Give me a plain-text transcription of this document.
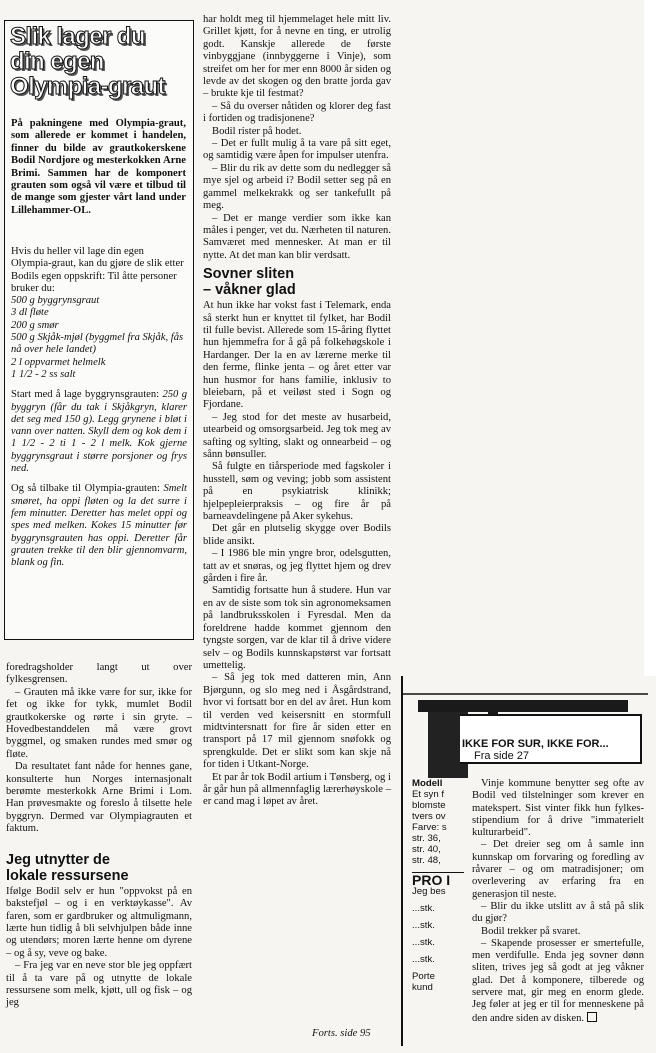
Slik lager du
din egen
Olympia-graut
På pakningene med Olympia-graut, som allerede er kommet i handelen, finner du bilde av grautkokerskene Bodil Nordjore og mesterkokken Arne Brimi. Sammen har de komponert grauten som også vil være et tilbud til de mange som gjester vårt land under Lillehammer-OL.

Hvis du heller vil lage din egen Olympia-graut, kan du gjøre de slik etter Bodils egen oppskrift: Til åtte personer bruker du:
500 g byggrynsgraut
3 dl fløte
200 g smør
500 g Skjåk-mjøl (byggmel fra Skjåk, fås nå over hele landet)
2 l oppvarmet helmelk
1 1/2 - 2 ss salt

Start med å lage byggrynsgrauten: 250 g byggryn (får du tak i Skjåkgryn, klarer det seg med 150 g). Legg grynene i bløt i vann over natten. Skyll dem og kok dem i 1 1/2 - 2 ti 1 - 2 l melk. Kok gjerne byggrynsgraut i større porsjoner og frys ned.

Og så tilbake til Olympia-grauten: Smelt smøret, ha oppi fløten og la det surre i fem minutter. Deretter has melet oppi og spes med melken. Kokes 15 minutter før byggrynsgrauten has oppi. Deretter får grauten trekke til den blir gjennomvarm, blank og fin.

foredragsholder langt ut over fylkesgrensen.

– Grauten må ikke være for sur, ikke for fet og ikke for tykk, mumlet Bodil grautkokerske og rørte i sin gryte. – Hovedbestanddelen må være grovt byggmel, og smaken rundes med smør og fløte.

Da resultatet fant nåde for hennes gane, konsulterte hun Norges internasjonalt berømte mesterkokk Arne Brimi i Lom. Han prøvesmakte og foreslo å tilsette hele byggryn. Dermed var Olympiagrauten et faktum.

Jeg utnytter de
lokale ressursene

Ifølge Bodil selv er hun "oppvokst på en bakstefjøl – og i en verktøykasse". Av faren, som er gardbruker og altmuligmann, lærte hun tidlig å bli selvhjulpen både inne og utendørs; moren lærte henne om dyrene – og å sy, veve og bake.

– Fra jeg var en neve stor ble jeg oppfært til å ta vare på og utnytte de lokale ressursene som melk, kjøtt, ull og fisk – og jeg

har holdt meg til hjemmelaget hele mitt liv. Grillet kjøtt, for å nevne en ting, er utrolig godt. Kanskje allerede de første vinbyggjane (innbyggerne i Vinje), som streifet om her for mer enn 8000 år siden og levde av det skogen og den bratte jorda gav – brukte kje til festmat?

– Så du overser nåtiden og klorer deg fast i fortiden og tradisjonene?

Bodil rister på hodet.

– Det er fullt mulig å ta vare på sitt eget, og samtidig være åpen for impulser utenfra.

– Blir du rik av dette som du nedlegger så mye sjel og arbeid i? Bodil setter seg på en gammel melkekrakk og ser tankefullt på meg.

– Det er mange verdier som ikke kan måles i penger, vet du. Nærheten til naturen. Samværet med mennesker. At man er til nytte. At det man kan blir verdsatt.

Sovner sliten
– våkner glad

At hun ikke har vokst fast i Telemark, enda så sterkt hun er knyttet til fylket, har Bodil til fulle bevist. Allerede som 15-åring flyttet hun hjemmefra for å gå på folkehøgskole i Hardanger. Der la en av lærerne merke til den ferme, flinke jenta – og året etter var hun husmor for hans familie, inklusiv to bleiebarn, på et veiløst sted i Sogn og Fjordane.

– Jeg stod for det meste av husarbeid, utearbeid og omsorgsarbeid. Jeg tok meg av safting og sylting, slakt og onnearbeid – og sånn bønsuller.

Så fulgte en tiårsperiode med fagskoler i husstell, søm og veving; jobb som assistent på en psykiatrisk klinikk; hjelpepleierpraksis – og fire år på barneavdelingene på Aker sykehus.

Det går en plutselig skygge over Bodils blide ansikt.

– I 1986 ble min yngre bror, odelsgutten, tatt av et snøras, og jeg flyttet hjem og drev gården i fire år.

Samtidig fortsatte hun å studere. Hun var en av de siste som tok sin agronomeksamen på landbruksskolen i Fyresdal. Men da foreldrene hadde kommet gjennom den tyngste sorgen, var de klar til å drive videre selv – og Bodils kunnskapstørst var fortsatt umettelig.

– Så jeg tok med datteren min, Ann Bjørgunn, og slo meg ned i Åsgårdstrand, hvor vi fortsatt bor en del av året. Hun kom til verden ved keisersnitt en stormfull midtvintersnatt for fire år siden etter en transport på 17 mil gjennom snøfokk og sprengkulde. Det er slikt som kan skje nå for tiden i Utkant-Norge.

Et par år tok Bodil artium i Tønsberg, og i år går hun på allmennfaglig lærerhøyskole – er cand mag i løpet av året.

Forts. side 95
IKKE FOR SUR, IKKE FOR...
Fra side 27
Modell
Et syn f
blomste
tvers ov
Farve: s
str. 36,
str. 40,
str. 48,
PRO I
Jeg bes
...stk.
...stk.
...stk.
...stk.
Porte
kund

Vinje kommune benytter seg ofte av Bodil ved tilstelninger som krever en matekspert. Sist vinter fikk hun fylkes-stipendium for å drive "immaterielt kulturarbeid".

– Det dreier seg om å samle inn kunnskap om forvaring og foredling av råvarer – og om matradisjoner; om overlevering av erfaring fra en generasjon til neste.

– Blir du ikke utslitt av å stå på slik du gjør?

Bodil trekker på svaret.

– Skapende prosesser er smertefulle, men verdifulle. Enda jeg sovner dønn sliten, trives jeg så godt at jeg våkner glad. Det å komponere, tilberede og servere mat, gir meg en enorm glede. Jeg føler at jeg er til for menneskene på den andre siden av disken.
